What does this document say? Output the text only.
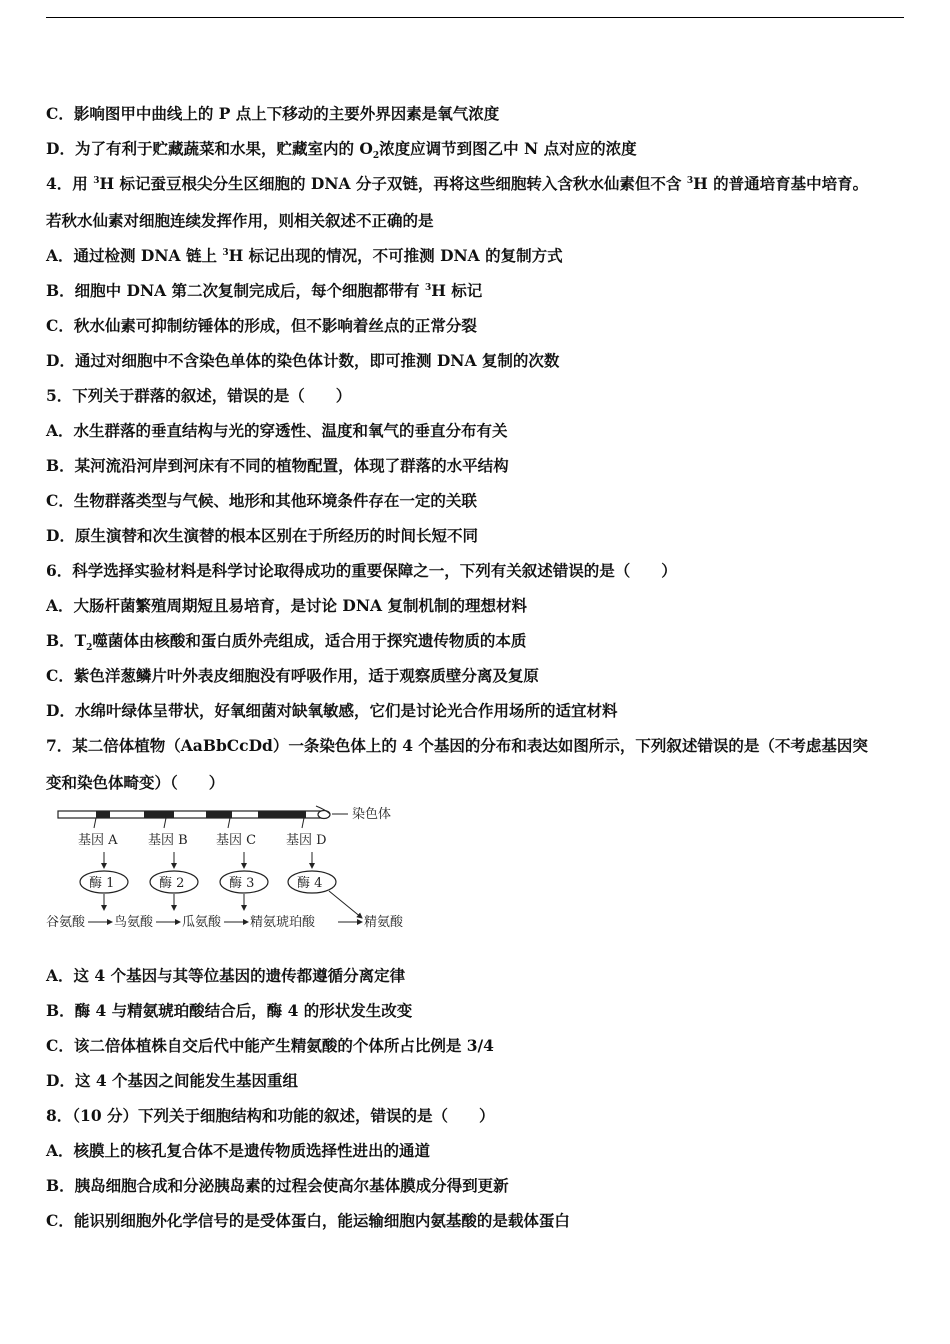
C．影响图甲中曲线上的 P 点上下移动的主要外界因素是氧气浓度
D．为了有利于贮藏蔬菜和水果，贮藏室内的 $O_2$浓度应调节到图乙中 N 点对应的浓度
4．用 $^3$H 标记蚕豆根尖分生区细胞的 DNA 分子双链，再将这些细胞转入含秋水仙素但不含 $^3$H 的普通培育基中培育。
若秋水仙素对细胞连续发挥作用，则相关叙述不正确的是
A．通过检测 DNA 链上 $^3$H 标记出现的情况，不可推测 DNA 的复制方式
B．细胞中 DNA 第二次复制完成后，每个细胞都带有 $^3$H 标记
C．秋水仙素可抑制纺锤体的形成，但不影响着丝点的正常分裂
D．通过对细胞中不含染色单体的染色体计数，即可推测 DNA 复制的次数
5．下列关于群落的叙述，错误的是（　　）
A．水生群落的垂直结构与光的穿透性、温度和氧气的垂直分布有关
B．某河流沿河岸到河床有不同的植物配置，体现了群落的水平结构
C．生物群落类型与气候、地形和其他环境条件存在一定的关联
D．原生演替和次生演替的根本区别在于所经历的时间长短不同
6．科学选择实验材料是科学讨论取得成功的重要保障之一，下列有关叙述错误的是（　　）
A．大肠杆菌繁殖周期短且易培育，是讨论 DNA 复制机制的理想材料
B．$T_2$噬菌体由核酸和蛋白质外壳组成，适合用于探究遗传物质的本质
C．紫色洋葱鳞片叶外表皮细胞没有呼吸作用，适于观察质壁分离及复原
D．水绵叶绿体呈带状，好氧细菌对缺氧敏感，它们是讨论光合作用场所的适宜材料
7．某二倍体植物（AaBbCcDd）一条染色体上的 4 个基因的分布和表达如图所示，下列叙述错误的是（不考虑基因突
变和染色体畸变）（　　）
染色体
基因 A 基因 B 基因 C 基因 D
酶 1	酶 2	酶 3	酶 4
谷氨酸 鸟氨酸 瓜氨酸 精氨琥珀酸	精氨酸
A．这 4 个基因与其等位基因的遗传都遵循分离定律
B．酶 4 与精氨琥珀酸结合后，酶 4 的形状发生改变
C．该二倍体植株自交后代中能产生精氨酸的个体所占比例是 3/4
D．这 4 个基因之间能发生基因重组
8．（10 分）下列关于细胞结构和功能的叙述，错误的是（　　）
A．核膜上的核孔复合体不是遗传物质选择性进出的通道
B．胰岛细胞合成和分泌胰岛素的过程会使高尔基体膜成分得到更新
C．能识别细胞外化学信号的是受体蛋白，能运输细胞内氨基酸的是载体蛋白
